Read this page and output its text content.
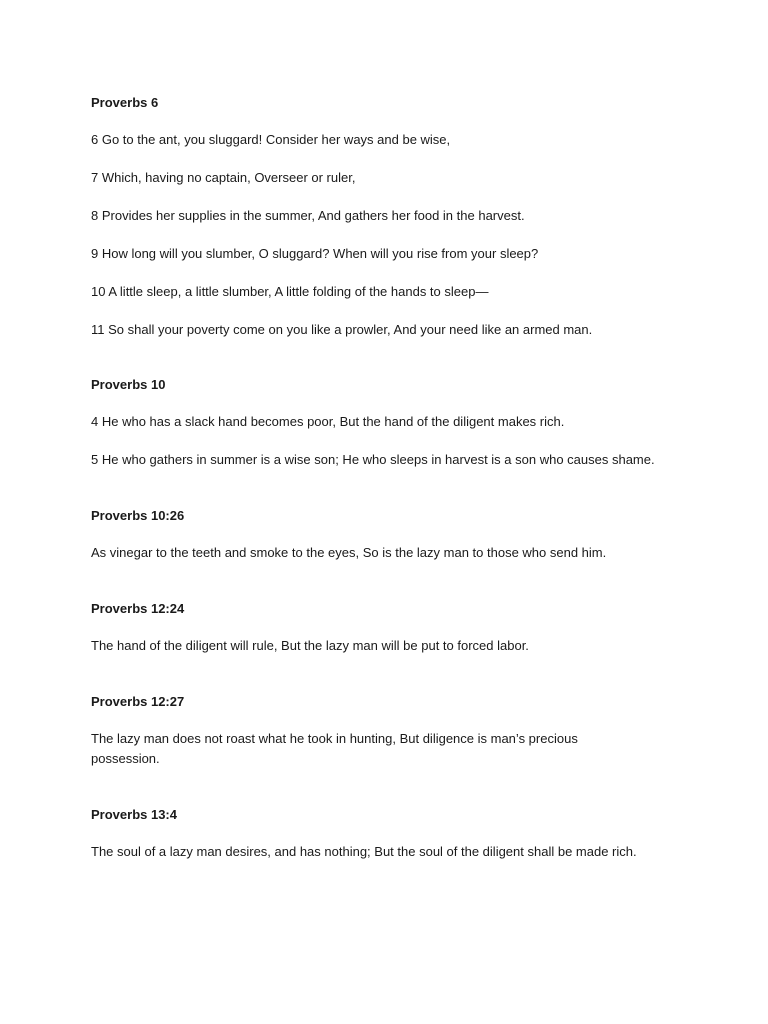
Proverbs 6
6 Go to the ant, you sluggard! Consider her ways and be wise,
7 Which, having no captain, Overseer or ruler,
8 Provides her supplies in the summer, And gathers her food in the harvest.
9 How long will you slumber, O sluggard? When will you rise from your sleep?
10 A little sleep, a little slumber, A little folding of the hands to sleep—
11 So shall your poverty come on you like a prowler, And your need like an armed man.
Proverbs 10
4 He who has a slack hand becomes poor, But the hand of the diligent makes rich.
5 He who gathers in summer is a wise son; He who sleeps in harvest is a son who causes shame.
Proverbs 10:26
As vinegar to the teeth and smoke to the eyes, So is the lazy man to those who send him.
Proverbs 12:24
The hand of the diligent will rule, But the lazy man will be put to forced labor.
Proverbs 12:27
The lazy man does not roast what he took in hunting, But diligence is man’s precious possession.
Proverbs 13:4
The soul of a lazy man desires, and has nothing; But the soul of the diligent shall be made rich.
